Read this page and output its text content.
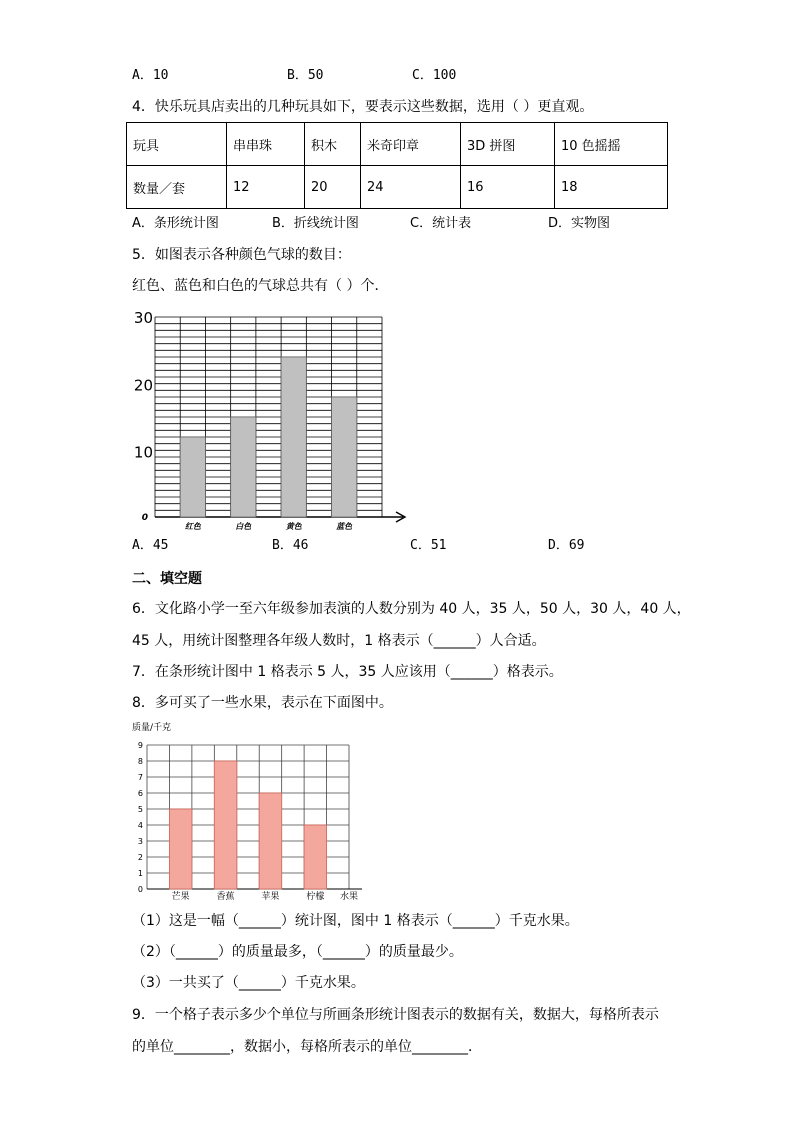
A．10	B．50	C．100
4．快乐玩具店卖出的几种玩具如下，要表示这些数据，选用（ ）更直观。
玩具	串串珠	积木	米奇印章	3D 拼图	10 色摇摇
数量／套	12	20	24	16	18
A．条形统计图	B．折线统计图	C．统计表	D．实物图
5．如图表示各种颜色气球的数目：
红色、蓝色和白色的气球总共有（ ）个．
红色	白色	黄色	蓝色
0
10
20
30
A．45	B．46	C．51	D．69
二、填空题
6．文化路小学一至六年级参加表演的人数分别为 40 人，35 人，50 人，30 人，40 人，
45 人，用统计图整理各年级人数时，1 格表示（______）人合适。
7．在条形统计图中 1 格表示 5 人，35 人应该用（______）格表示。
8．多可买了一些水果，表示在下面图中。
质量/千克
0
1
2
3
4
5
6
7
8
9
芒果	香蕉	苹果	柠檬 水果
（1）这是一幅（______）统计图，图中 1 格表示（______）千克水果。
（2）（______）的质量最多，（______）的质量最少。
（3）一共买了（______）千克水果。
9．一个格子表示多少个单位与所画条形统计图表示的数据有关，数据大，每格所表示
的单位________，数据小，每格所表示的单位________．
